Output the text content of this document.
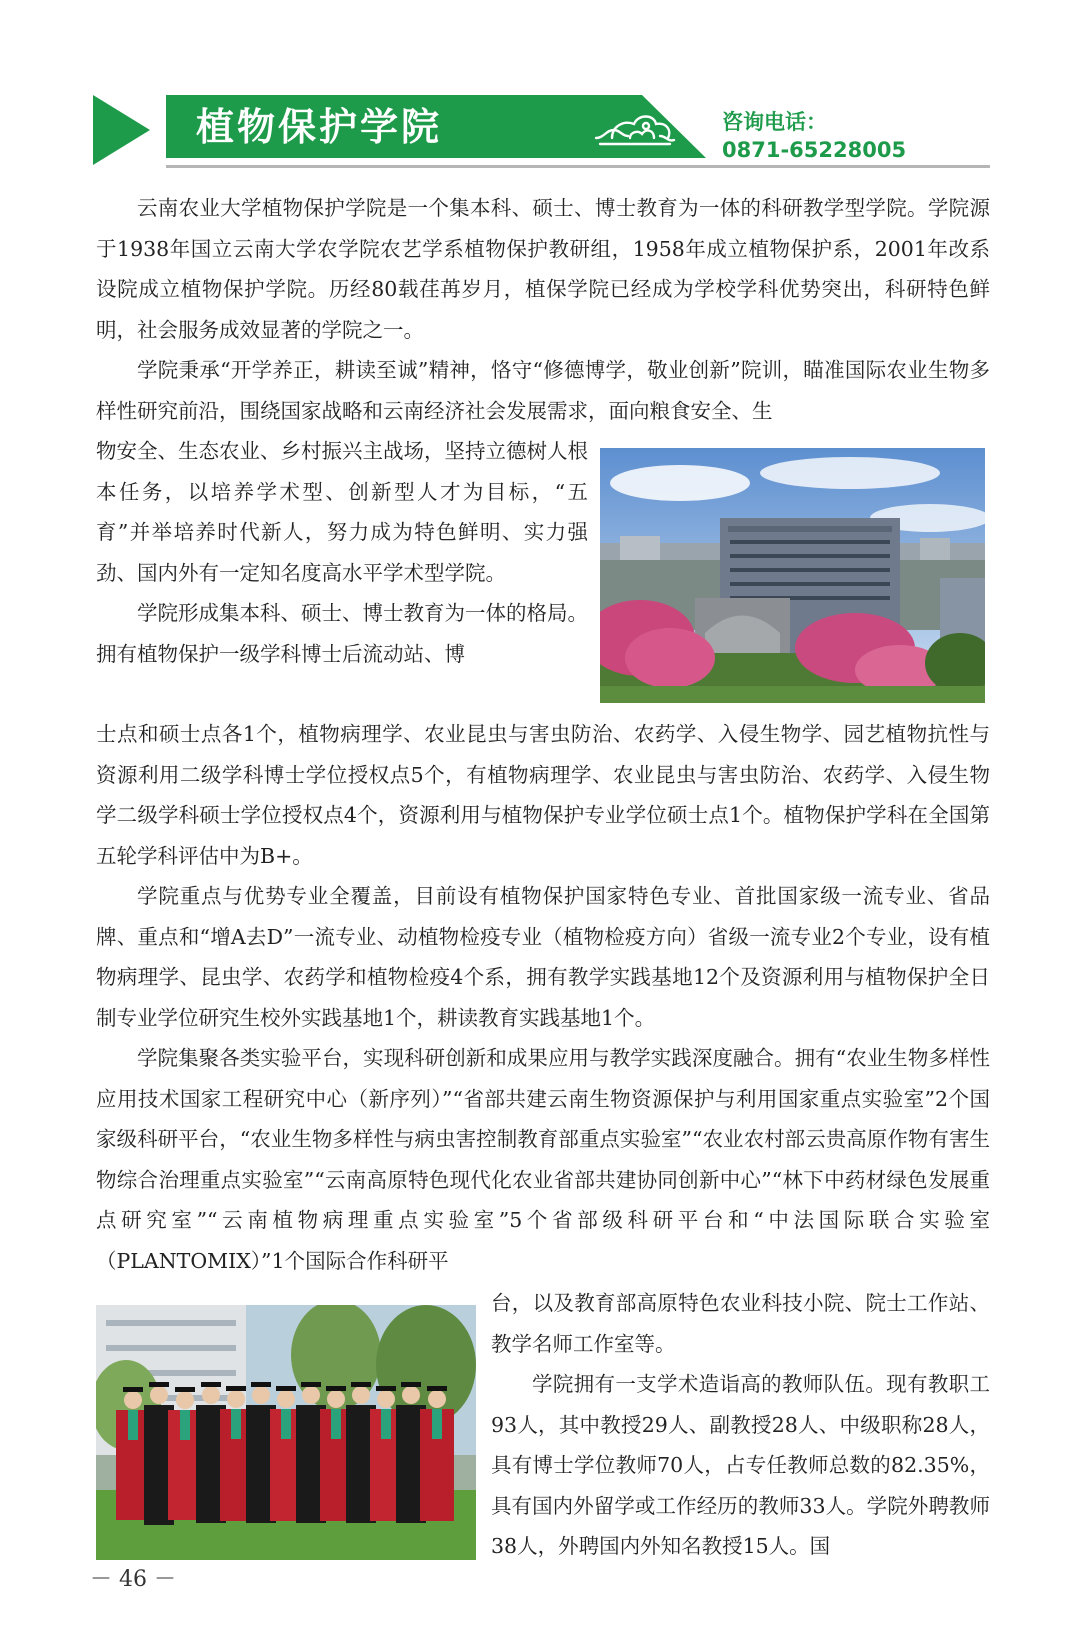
植物保护学院	咨询电话：
0871-65228005

云南农业大学植物保护学院是一个集本科、硕士、博士教育为一体的科研教学型学院。学院源于1938年国立云南大学农学院农艺学系植物保护教研组，1958年成立植物保护系，2001年改系设院成立植物保护学院。历经80载荏苒岁月，植保学院已经成为学校学科优势突出，科研特色鲜明，社会服务成效显著的学院之一。

学院秉承“开学养正，耕读至诚”精神，恪守“修德博学，敬业创新”院训，瞄准国际农业生物多样性研究前沿，围绕国家战略和云南经济社会发展需求，面向粮食安全、生

物安全、生态农业、乡村振兴主战场，坚持立德树人根本任务，以培养学术型、创新型人才为目标，“五育”并举培养时代新人，努力成为特色鲜明、实力强劲、国内外有一定知名度高水平学术型学院。

学院形成集本科、硕士、博士教育为一体的格局。拥有植物保护一级学科博士后流动站、博

士点和硕士点各1个，植物病理学、农业昆虫与害虫防治、农药学、入侵生物学、园艺植物抗性与资源利用二级学科博士学位授权点5个，有植物病理学、农业昆虫与害虫防治、农药学、入侵生物学二级学科硕士学位授权点4个，资源利用与植物保护专业学位硕士点1个。植物保护学科在全国第五轮学科评估中为B+。

学院重点与优势专业全覆盖，目前设有植物保护国家特色专业、首批国家级一流专业、省品牌、重点和“增A去D”一流专业、动植物检疫专业（植物检疫方向）省级一流专业2个专业，设有植物病理学、昆虫学、农药学和植物检疫4个系，拥有教学实践基地12个及资源利用与植物保护全日制专业学位研究生校外实践基地1个，耕读教育实践基地1个。

学院集聚各类实验平台，实现科研创新和成果应用与教学实践深度融合。拥有“农业生物多样性应用技术国家工程研究中心（新序列）”“省部共建云南生物资源保护与利用国家重点实验室”2个国家级科研平台，“农业生物多样性与病虫害控制教育部重点实验室”“农业农村部云贵高原作物有害生物综合治理重点实验室”“云南高原特色现代化农业省部共建协同创新中心”“林下中药材绿色发展重点研究室”“云南植物病理重点实验室”5个省部级科研平台和“中法国际联合实验室（PLANTOMIX）”1个国际合作科研平

台，以及教育部高原特色农业科技小院、院士工作站、教学名师工作室等。

学院拥有一支学术造诣高的教师队伍。现有教职工93人，其中教授29人、副教授28人、中级职称28人，具有博士学位教师70人，占专任教师总数的82.35%，具有国内外留学或工作经历的教师33人。学院外聘教师38人，外聘国内外知名教授15人。国

－ 46 －
